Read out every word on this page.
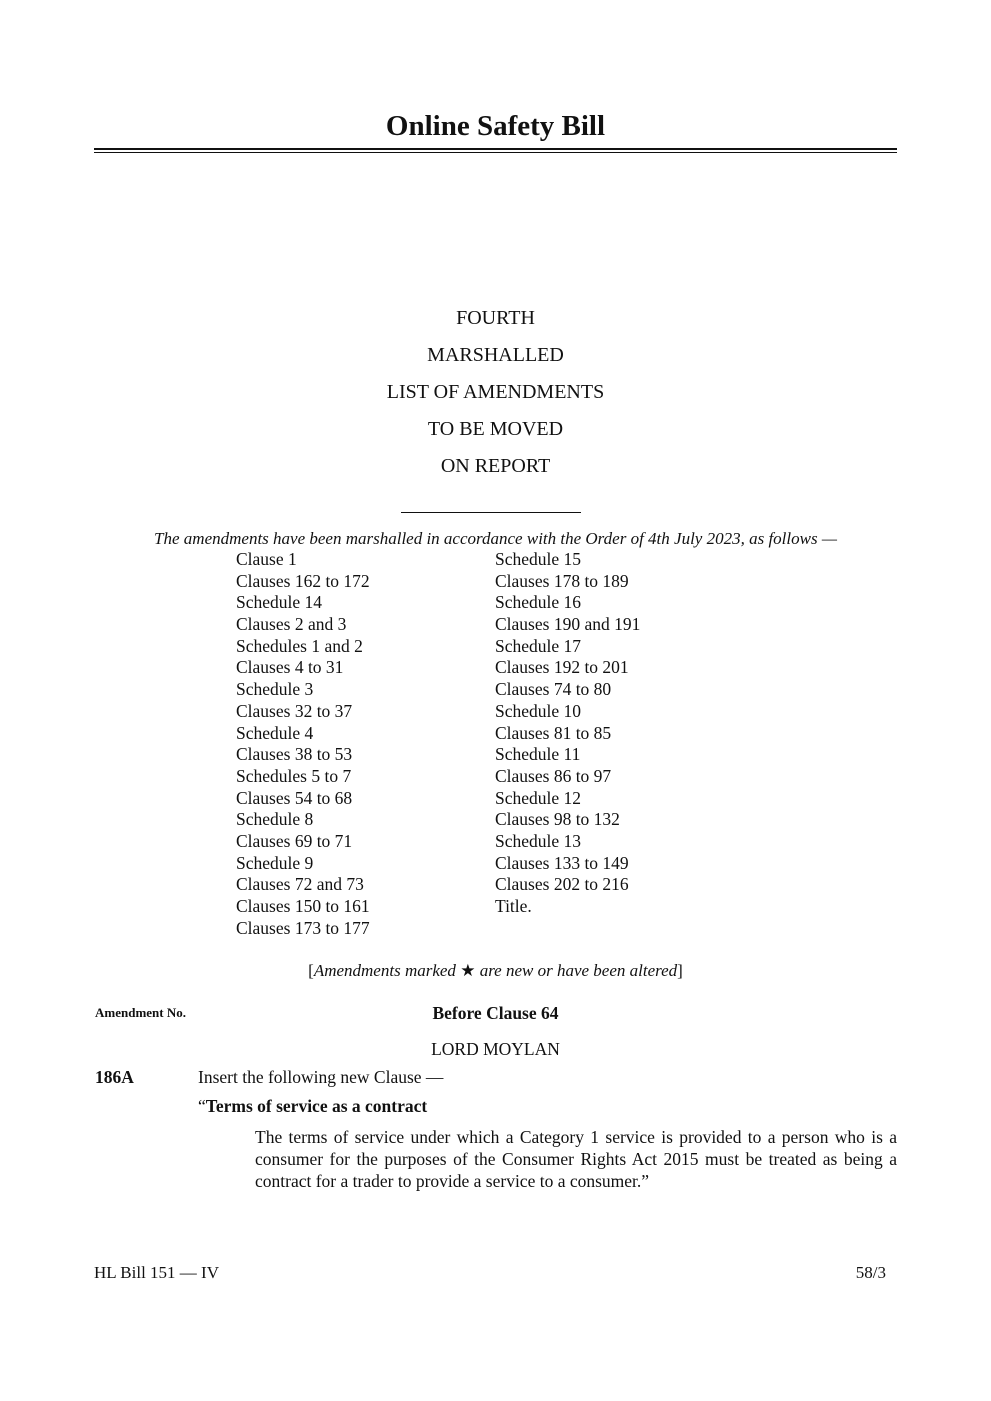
Online Safety Bill
FOURTH
MARSHALLED
LIST OF AMENDMENTS
TO BE MOVED
ON REPORT
The amendments have been marshalled in accordance with the Order of 4th July 2023, as follows —
Clause 1
Clauses 162 to 172
Schedule 14
Clauses 2 and 3
Schedules 1 and 2
Clauses 4 to 31
Schedule 3
Clauses 32 to 37
Schedule 4
Clauses 38 to 53
Schedules 5 to 7
Clauses 54 to 68
Schedule 8
Clauses 69 to 71
Schedule 9
Clauses 72 and 73
Clauses 150 to 161
Clauses 173 to 177
Schedule 15
Clauses 178 to 189
Schedule 16
Clauses 190 and 191
Schedule 17
Clauses 192 to 201
Clauses 74 to 80
Schedule 10
Clauses 81 to 85
Schedule 11
Clauses 86 to 97
Schedule 12
Clauses 98 to 132
Schedule 13
Clauses 133 to 149
Clauses 202 to 216
Title.
[Amendments marked ★ are new or have been altered]
Amendment No.	Before Clause 64
LORD MOYLAN
186A	Insert the following new Clause —
“Terms of service as a contract
The terms of service under which a Category 1 service is provided to a person who is a consumer for the purposes of the Consumer Rights Act 2015 must be treated as being a contract for a trader to provide a service to a consumer.”
HL Bill 151 — IV	58/3
